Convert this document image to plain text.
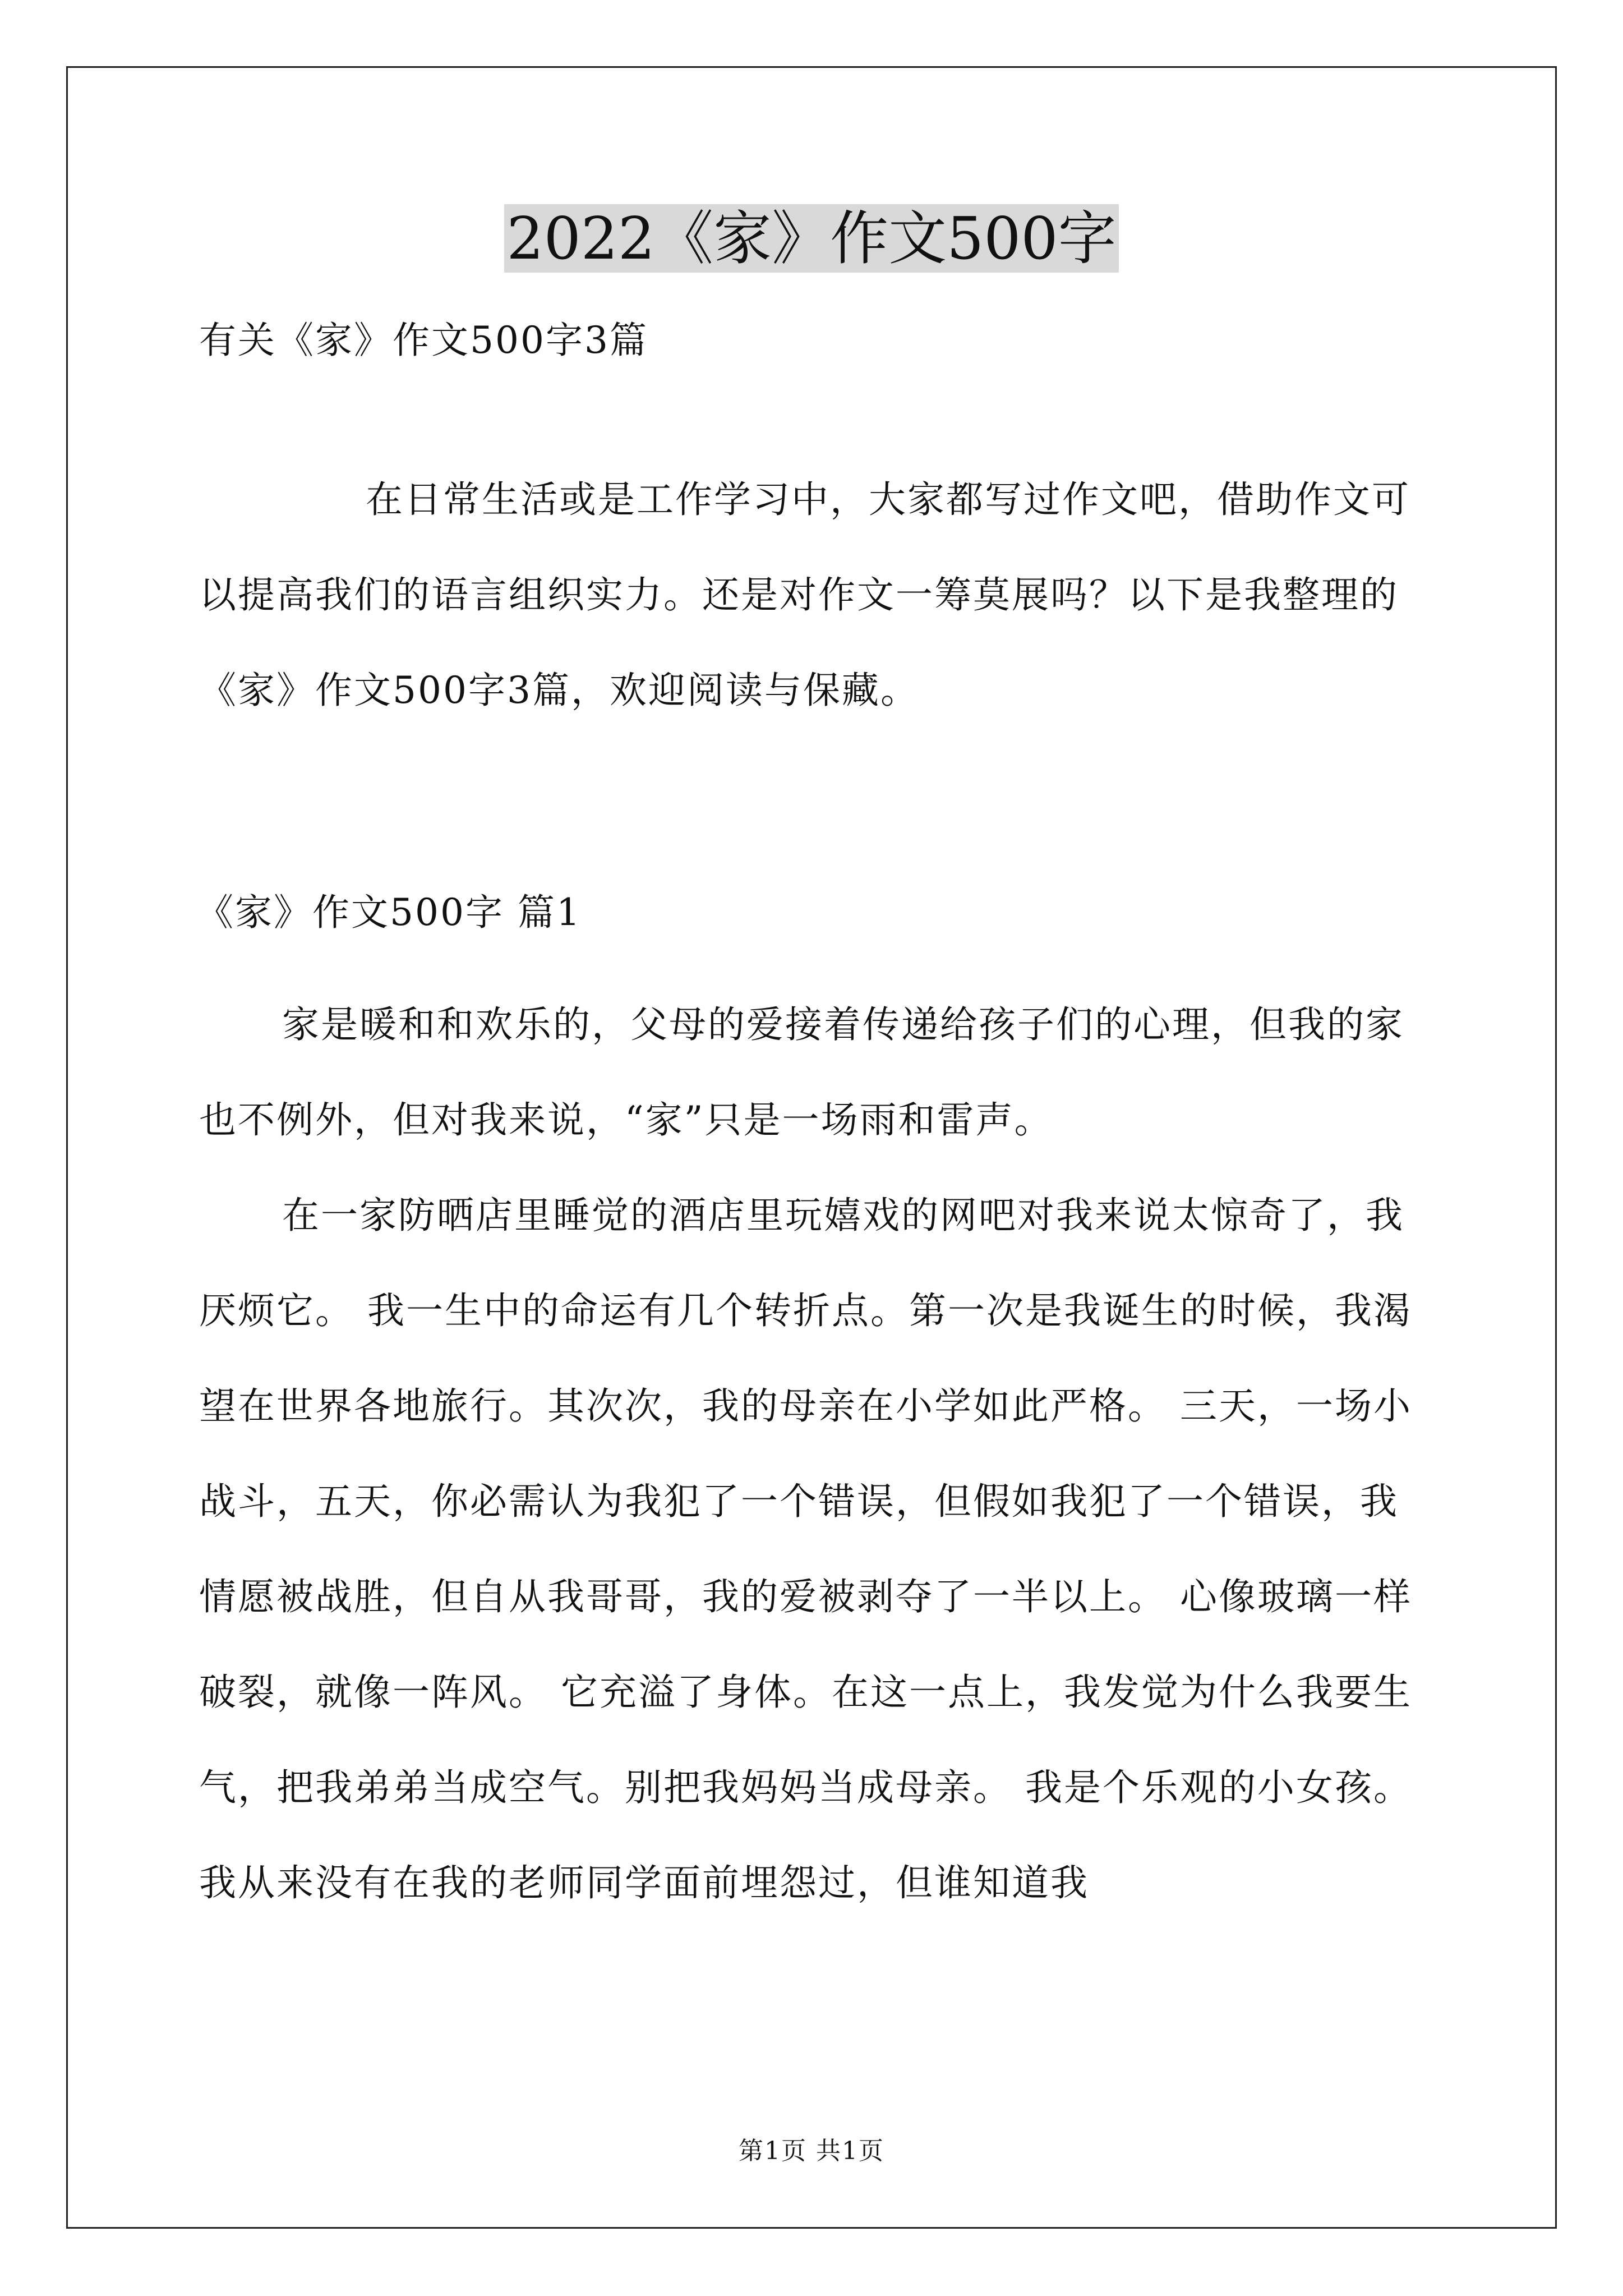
2022《家》作文500字

有关《家》作文500字3篇

在日常生活或是工作学习中，大家都写过作文吧，借助作文可以提高我们的语言组织实力。还是对作文一筹莫展吗？以下是我整理的《家》作文500字3篇，欢迎阅读与保藏。

《家》作文500字 篇1

家是暖和和欢乐的，父母的爱接着传递给孩子们的心理，但我的家也不例外，但对我来说，“家”只是一场雨和雷声。

在一家防晒店里睡觉的酒店里玩嬉戏的网吧对我来说太惊奇了，我厌烦它。 我一生中的命运有几个转折点。第一次是我诞生的时候，我渴望在世界各地旅行。其次次，我的母亲在小学如此严格。 三天，一场小战斗，五天，你必需认为我犯了一个错误，但假如我犯了一个错误，我情愿被战胜，但自从我哥哥，我的爱被剥夺了一半以上。 心像玻璃一样破裂，就像一阵风。 它充溢了身体。在这一点上，我发觉为什么我要生气，把我弟弟当成空气。别把我妈妈当成母亲。 我是个乐观的小女孩。我从来没有在我的老师同学面前埋怨过，但谁知道我

第1页 共1页
